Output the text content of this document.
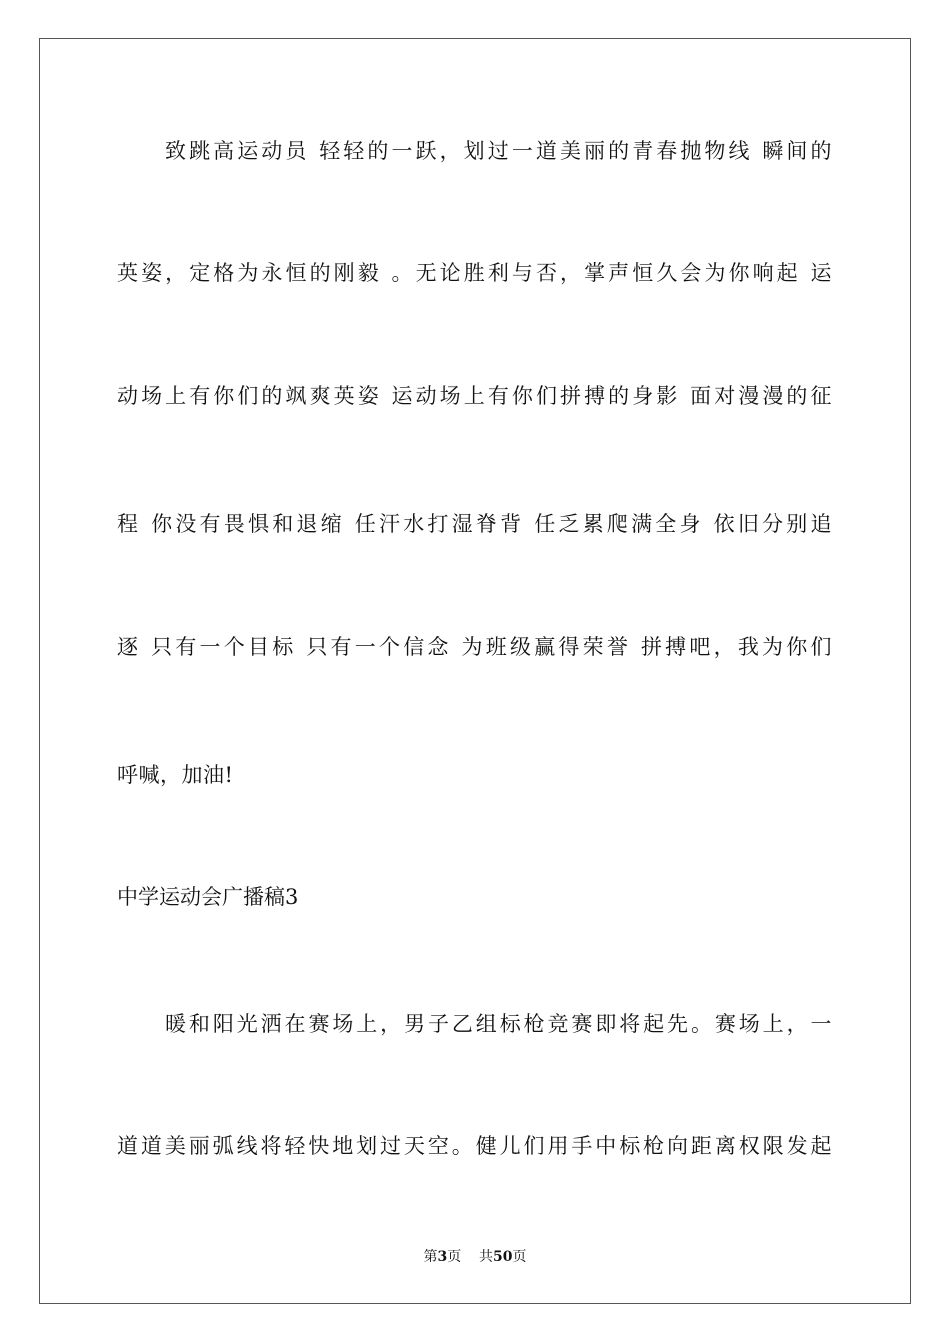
致跳高运动员 轻轻的一跃，划过一道美丽的青春抛物线 瞬间的
英姿，定格为永恒的刚毅 。无论胜利与否，掌声恒久会为你响起 运
动场上有你们的飒爽英姿 运动场上有你们拼搏的身影 面对漫漫的征
程 你没有畏惧和退缩 任汗水打湿脊背 任乏累爬满全身 依旧分别追
逐 只有一个目标 只有一个信念 为班级赢得荣誉 拼搏吧，我为你们
呼喊，加油!
中学运动会广播稿3
暖和阳光洒在赛场上，男子乙组标枪竞赛即将起先。赛场上，一
道道美丽弧线将轻快地划过天空。健儿们用手中标枪向距离权限发起
第3页 共50页
